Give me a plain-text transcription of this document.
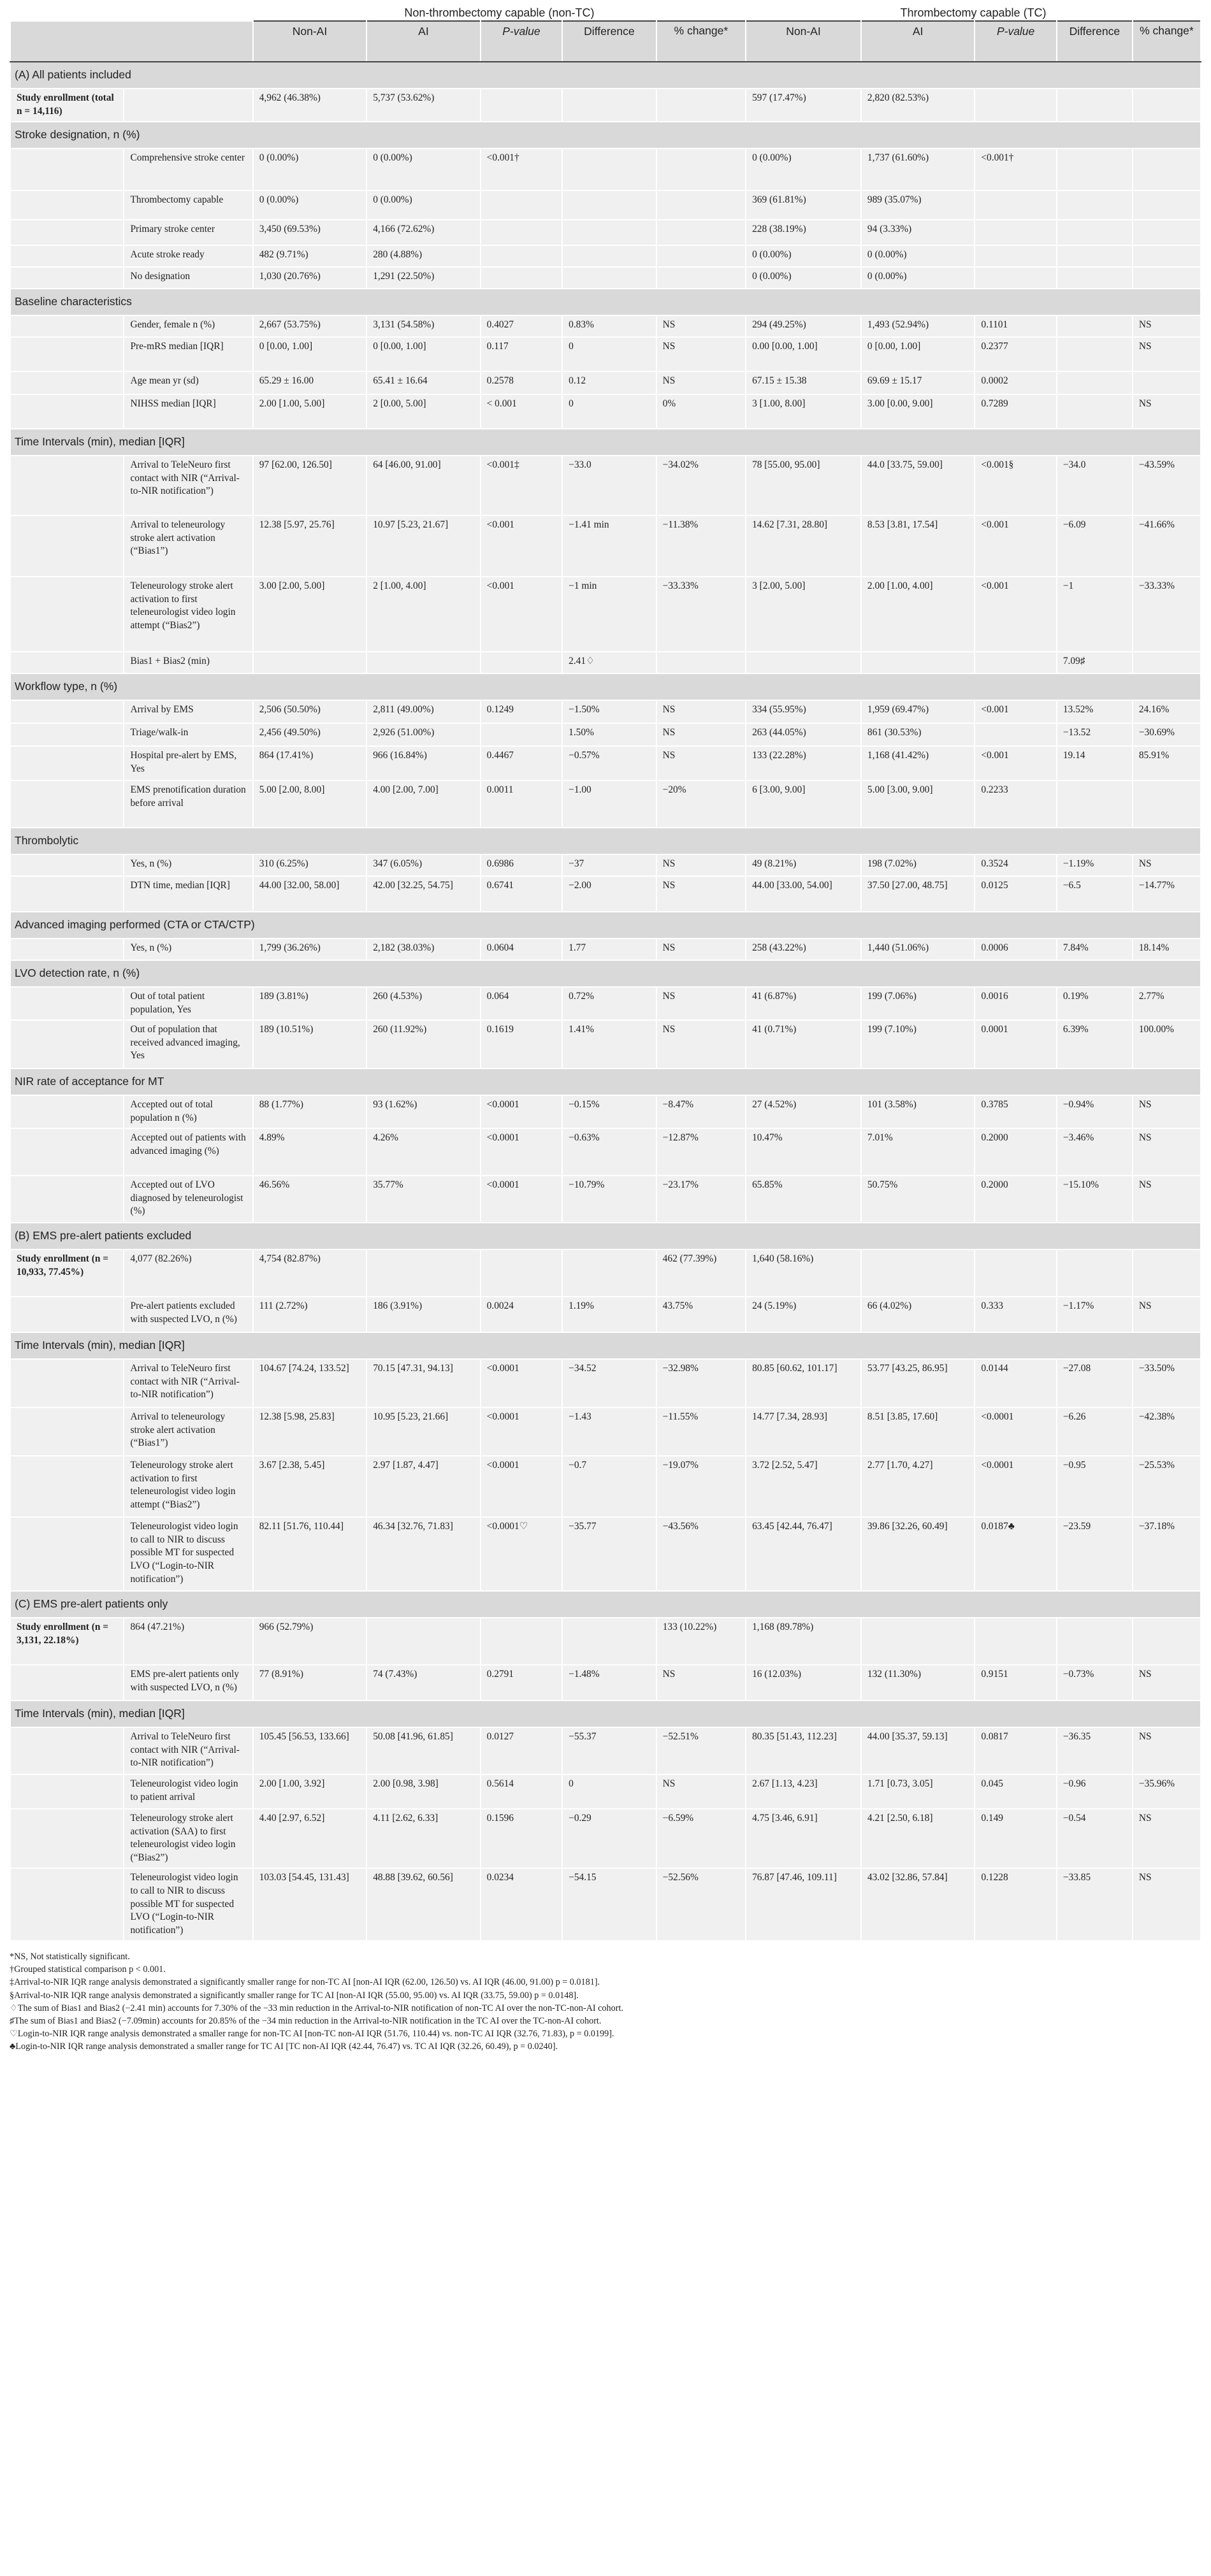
		Non-thrombectomy capable (non-TC)					Thrombectomy capable (TC)				
		Non-AI	AI	P-value	Difference	% change*	Non-AI	AI	P-value	Difference	% change*
(A) All patients included											
Study enrollment (total n = 14,116)		4,962 (46.38%)	5,737 (53.62%)				597 (17.47%)	2,820 (82.53%)			
Stroke designation, n (%)											
	Comprehensive stroke center	0 (0.00%)	0 (0.00%)	<0.001†			0 (0.00%)	1,737 (61.60%)	<0.001†		
	Thrombectomy capable	0 (0.00%)	0 (0.00%)				369 (61.81%)	989 (35.07%)			
	Primary stroke center	3,450 (69.53%)	4,166 (72.62%)				228 (38.19%)	94 (3.33%)			
	Acute stroke ready	482 (9.71%)	280 (4.88%)				0 (0.00%)	0 (0.00%)			
	No designation	1,030 (20.76%)	1,291 (22.50%)				0 (0.00%)	0 (0.00%)			
Baseline characteristics											
	Gender, female n (%)	2,667 (53.75%)	3,131 (54.58%)	0.4027	0.83%	NS	294 (49.25%)	1,493 (52.94%)	0.1101		NS
	Pre-mRS median [IQR]	0 [0.00, 1.00]	0 [0.00, 1.00]	0.117	0	NS	0.00 [0.00, 1.00]	0 [0.00, 1.00]	0.2377		NS
	Age mean yr (sd)	65.29 ± 16.00	65.41 ± 16.64	0.2578	0.12	NS	67.15 ± 15.38	69.69 ± 15.17	0.0002		
	NIHSS median [IQR]	2.00 [1.00, 5.00]	2 [0.00, 5.00]	< 0.001	0	0%	3 [1.00, 8.00]	3.00 [0.00, 9.00]	0.7289		NS
Time Intervals (min), median [IQR]											
	Arrival to TeleNeuro first contact with NIR (“Arrival-to-NIR notification”)	97 [62.00, 126.50]	64 [46.00, 91.00]	<0.001‡	−33.0	−34.02%	78 [55.00, 95.00]	44.0 [33.75, 59.00]	<0.001§	−34.0	−43.59%
	Arrival to teleneurology stroke alert activation (“Bias1”)	12.38 [5.97, 25.76]	10.97 [5.23, 21.67]	<0.001	−1.41 min	−11.38%	14.62 [7.31, 28.80]	8.53 [3.81, 17.54]	<0.001	−6.09	−41.66%
	Teleneurology stroke alert activation to first teleneurologist video login attempt (“Bias2”)	3.00 [2.00, 5.00]	2 [1.00, 4.00]	<0.001	−1 min	−33.33%	3 [2.00, 5.00]	2.00 [1.00, 4.00]	<0.001	−1	−33.33%
	Bias1 + Bias2 (min)				2.41♢					7.09♯	
Workflow type, n (%)											
	Arrival by EMS	2,506 (50.50%)	2,811 (49.00%)	0.1249	−1.50%	NS	334 (55.95%)	1,959 (69.47%)	<0.001	13.52%	24.16%
	Triage/walk-in	2,456 (49.50%)	2,926 (51.00%)		1.50%	NS	263 (44.05%)	861 (30.53%)		−13.52	−30.69%
	Hospital pre-alert by EMS, Yes	864 (17.41%)	966 (16.84%)	0.4467	−0.57%	NS	133 (22.28%)	1,168 (41.42%)	<0.001	19.14	85.91%
	EMS prenotification duration before arrival	5.00 [2.00, 8.00]	4.00 [2.00, 7.00]	0.0011	−1.00	−20%	6 [3.00, 9.00]	5.00 [3.00, 9.00]	0.2233		
Thrombolytic											
	Yes, n (%)	310 (6.25%)	347 (6.05%)	0.6986	−37	NS	49 (8.21%)	198 (7.02%)	0.3524	−1.19%	NS
	DTN time, median [IQR]	44.00 [32.00, 58.00]	42.00 [32.25, 54.75]	0.6741	−2.00	NS	44.00 [33.00, 54.00]	37.50 [27.00, 48.75]	0.0125	−6.5	−14.77%
Advanced imaging performed (CTA or CTA/CTP)											
	Yes, n (%)	1,799 (36.26%)	2,182 (38.03%)	0.0604	1.77	NS	258 (43.22%)	1,440 (51.06%)	0.0006	7.84%	18.14%
LVO detection rate, n (%)											
	Out of total patient population, Yes	189 (3.81%)	260 (4.53%)	0.064	0.72%	NS	41 (6.87%)	199 (7.06%)	0.0016	0.19%	2.77%
	Out of population that received advanced imaging, Yes	189 (10.51%)	260 (11.92%)	0.1619	1.41%	NS	41 (0.71%)	199 (7.10%)	0.0001	6.39%	100.00%
NIR rate of acceptance for MT											
	Accepted out of total population n (%)	88 (1.77%)	93 (1.62%)	<0.0001	−0.15%	−8.47%	27 (4.52%)	101 (3.58%)	0.3785	−0.94%	NS
	Accepted out of patients with advanced imaging (%)	4.89%	4.26%	<0.0001	−0.63%	−12.87%	10.47%	7.01%	0.2000	−3.46%	NS
	Accepted out of LVO diagnosed by teleneurologist (%)	46.56%	35.77%	<0.0001	−10.79%	−23.17%	65.85%	50.75%	0.2000	−15.10%	NS
(B) EMS pre-alert patients excluded											
Study enrollment (n = 10,933, 77.45%)	4,077 (82.26%)	4,754 (82.87%)				462 (77.39%)	1,640 (58.16%)				
	Pre-alert patients excluded with suspected LVO, n (%)	111 (2.72%)	186 (3.91%)	0.0024	1.19%	43.75%	24 (5.19%)	66 (4.02%)	0.333	−1.17%	NS
Time Intervals (min), median [IQR]											
	Arrival to TeleNeuro first contact with NIR (“Arrival-to-NIR notification”)	104.67 [74.24, 133.52]	70.15 [47.31, 94.13]	<0.0001	−34.52	−32.98%	80.85 [60.62, 101.17]	53.77 [43.25, 86.95]	0.0144	−27.08	−33.50%
	Arrival to teleneurology stroke alert activation (“Bias1”)	12.38 [5.98, 25.83]	10.95 [5.23, 21.66]	<0.0001	−1.43	−11.55%	14.77 [7.34, 28.93]	8.51 [3.85, 17.60]	<0.0001	−6.26	−42.38%
	Teleneurology stroke alert activation to first teleneurologist video login attempt (“Bias2”)	3.67 [2.38, 5.45]	2.97 [1.87, 4.47]	<0.0001	−0.7	−19.07%	3.72 [2.52, 5.47]	2.77 [1.70, 4.27]	<0.0001	−0.95	−25.53%
	Teleneurologist video login to call to NIR to discuss possible MT for suspected LVO (“Login-to-NIR notification”)	82.11 [51.76, 110.44]	46.34 [32.76, 71.83]	<0.0001♡	−35.77	−43.56%	63.45 [42.44, 76.47]	39.86 [32.26, 60.49]	0.0187♣	−23.59	−37.18%
(C) EMS pre-alert patients only											
Study enrollment (n = 3,131, 22.18%)	864 (47.21%)	966 (52.79%)				133 (10.22%)	1,168 (89.78%)				
	EMS pre-alert patients only with suspected LVO, n (%)	77 (8.91%)	74 (7.43%)	0.2791	−1.48%	NS	16 (12.03%)	132 (11.30%)	0.9151	−0.73%	NS
Time Intervals (min), median [IQR]											
	Arrival to TeleNeuro first contact with NIR (“Arrival-to-NIR notification”)	105.45 [56.53, 133.66]	50.08 [41.96, 61.85]	0.0127	−55.37	−52.51%	80.35 [51.43, 112.23]	44.00 [35.37, 59.13]	0.0817	−36.35	NS
	Teleneurologist video login to patient arrival	2.00 [1.00, 3.92]	2.00 [0.98, 3.98]	0.5614	0	NS	2.67 [1.13, 4.23]	1.71 [0.73, 3.05]	0.045	−0.96	−35.96%
	Teleneurology stroke alert activation (SAA) to first teleneurologist video login (“Bias2”)	4.40 [2.97, 6.52]	4.11 [2.62, 6.33]	0.1596	−0.29	−6.59%	4.75 [3.46, 6.91]	4.21 [2.50, 6.18]	0.149	−0.54	NS
	Teleneurologist video login to call to NIR to discuss possible MT for suspected LVO (“Login-to-NIR notification”)	103.03 [54.45, 131.43]	48.88 [39.62, 60.56]	0.0234	−54.15	−52.56%	76.87 [47.46, 109.11]	43.02 [32.86, 57.84]	0.1228	−33.85	NS
*NS, Not statistically significant.
†Grouped statistical comparison p < 0.001.
‡Arrival-to-NIR IQR range analysis demonstrated a significantly smaller range for non-TC AI [non-AI IQR (62.00, 126.50) vs. AI IQR (46.00, 91.00) p = 0.0181].
§Arrival-to-NIR IQR range analysis demonstrated a significantly smaller range for TC AI [non-AI IQR (55.00, 95.00) vs. AI IQR (33.75, 59.00) p = 0.0148].
♢The sum of Bias1 and Bias2 (−2.41 min) accounts for 7.30% of the −33 min reduction in the Arrival-to-NIR notification of non-TC AI over the non-TC-non-AI cohort.
♯The sum of Bias1 and Bias2 (−7.09min) accounts for 20.85% of the −34 min reduction in the Arrival-to-NIR notification in the TC AI over the TC-non-AI cohort.
♡Login-to-NIR IQR range analysis demonstrated a smaller range for non-TC AI [non-TC non-AI IQR (51.76, 110.44) vs. non-TC AI IQR (32.76, 71.83), p = 0.0199].
♣Login-to-NIR IQR range analysis demonstrated a smaller range for TC AI [TC non-AI IQR (42.44, 76.47) vs. TC AI IQR (32.26, 60.49), p = 0.0240].
